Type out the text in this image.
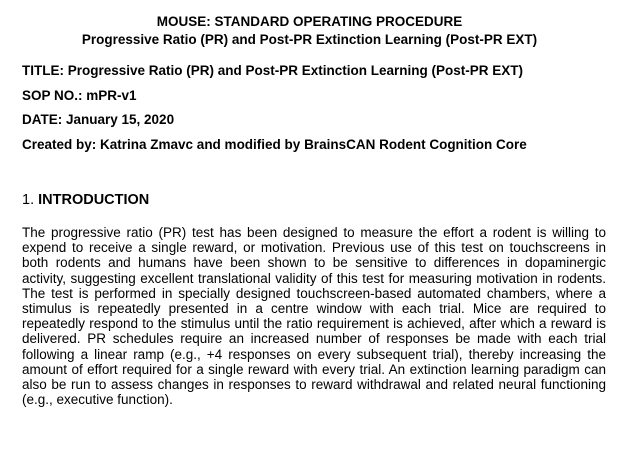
MOUSE: STANDARD OPERATING PROCEDURE
Progressive Ratio (PR) and Post-PR Extinction Learning (Post-PR EXT)
TITLE: Progressive Ratio (PR) and Post-PR Extinction Learning (Post-PR EXT)
SOP NO.: mPR-v1
DATE: January 15, 2020
Created by: Katrina Zmavc and modified by BrainsCAN Rodent Cognition Core
1. INTRODUCTION

The progressive ratio (PR) test has been designed to measure the effort a rodent is willing to expend to receive a single reward, or motivation. Previous use of this test on touchscreens in both rodents and humans have been shown to be sensitive to differences in dopaminergic activity, suggesting excellent translational validity of this test for measuring motivation in rodents. The test is performed in specially designed touchscreen-based automated chambers, where a stimulus is repeatedly presented in a centre window with each trial. Mice are required to repeatedly respond to the stimulus until the ratio requirement is achieved, after which a reward is delivered. PR schedules require an increased number of responses be made with each trial following a linear ramp (e.g., +4 responses on every subsequent trial), thereby increasing the amount of effort required for a single reward with every trial. An extinction learning paradigm can also be run to assess changes in responses to reward withdrawal and related neural functioning (e.g., executive function).
